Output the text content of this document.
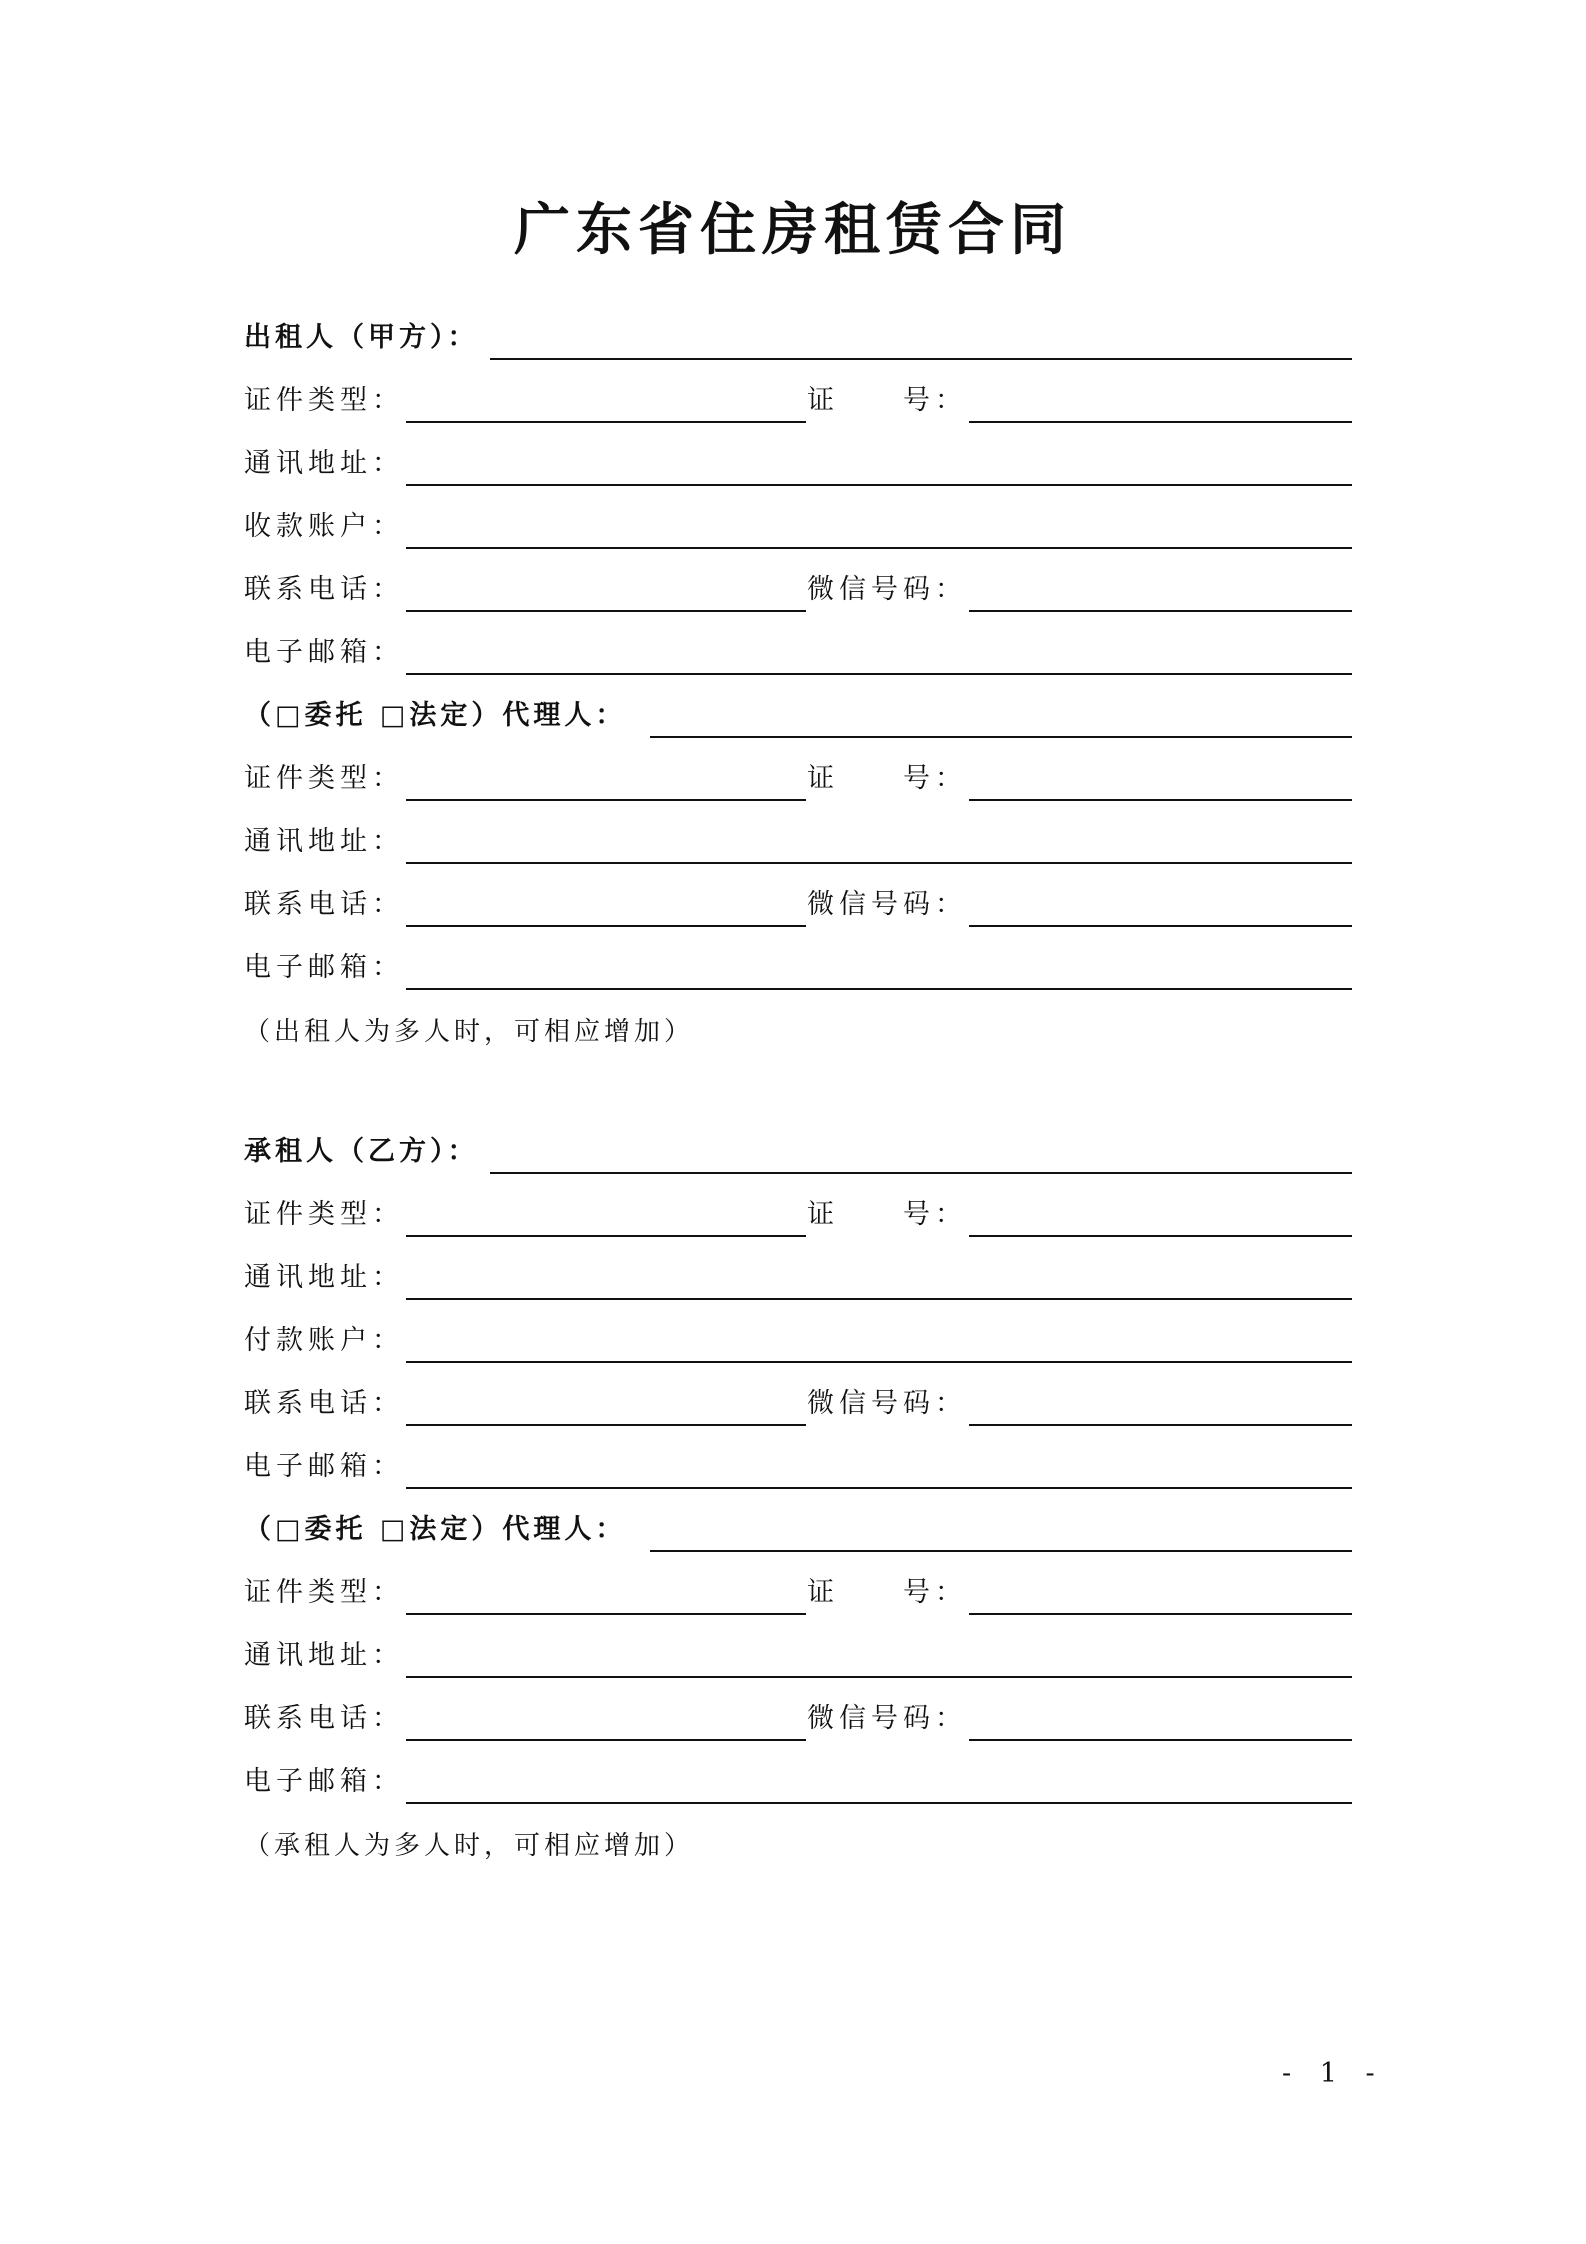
广东省住房租赁合同
出租人（甲方）：
证件类型：	证 号：
通讯地址：
收款账户：
联系电话：	微信号码：
电子邮箱：
（□委托 □法定）代理人：
证件类型：	证 号：
通讯地址：
联系电话：	微信号码：
电子邮箱：
（出租人为多人时，可相应增加）
承租人（乙方）：
证件类型：	证 号：
通讯地址：
付款账户：
联系电话：	微信号码：
电子邮箱：
（□委托 □法定）代理人：
证件类型：	证 号：
通讯地址：
联系电话：	微信号码：
电子邮箱：
（承租人为多人时，可相应增加）
- 1 -
